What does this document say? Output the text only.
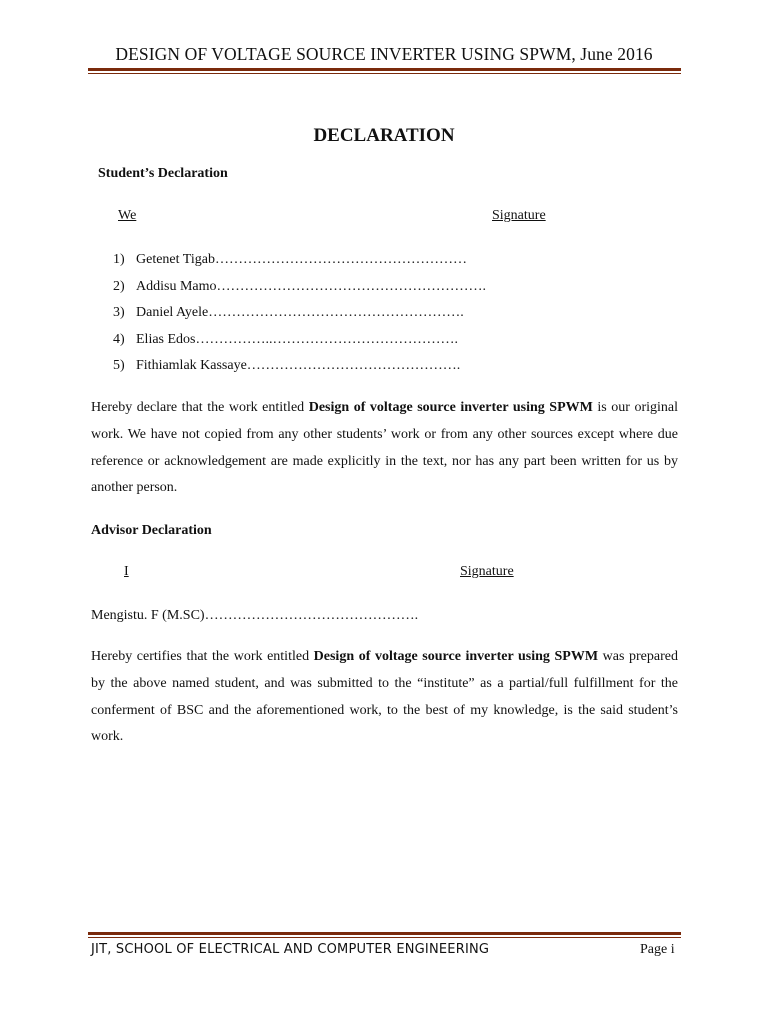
DESIGN OF VOLTAGE SOURCE INVERTER USING SPWM, June 2016
DECLARATION
Student’s Declaration
We	Signature
1) Getenet Tigab………………………………………………
2) Addisu Mamo………………………………………………….
3) Daniel Ayele……………………………………………….
4) Elias Edos……………..………………………………….
5) Fithiamlak Kassaye……………………………………….

Hereby declare that the work entitled Design of voltage source inverter using SPWM is our original work. We have not copied from any other students’ work or from any other sources except where due reference or acknowledgement are made explicitly in the text, nor has any part been written for us by another person.

Advisor Declaration
I	Signature
Mengistu. F (M.SC)……………………………………….

Hereby certifies that the work entitled Design of voltage source inverter using SPWM was prepared by the above named student, and was submitted to the “institute” as a partial/full fulfillment for the conferment of BSC and the aforementioned work, to the best of my knowledge, is the said student’s work.

JIT, SCHOOL OF ELECTRICAL AND COMPUTER ENGINEERING	Page i
